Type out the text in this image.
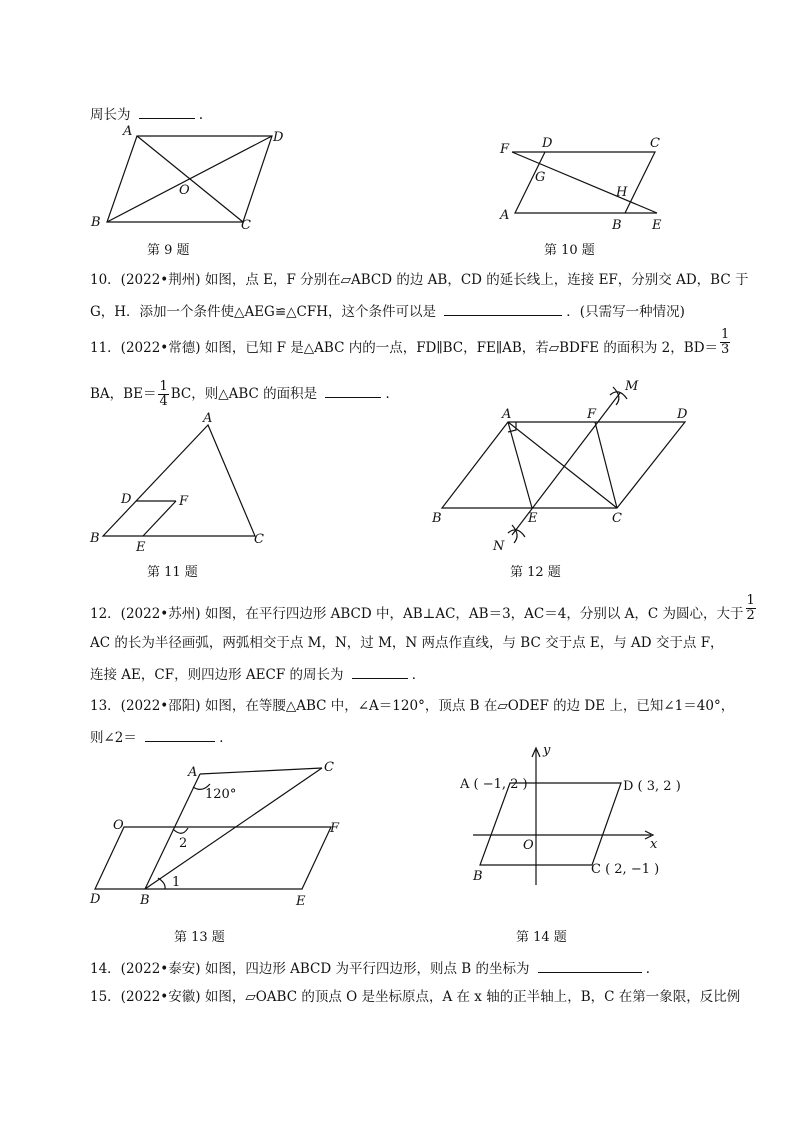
周长为	.
A	D
B	C
O
第 9 题
F	D	C
G
H
A
B E
第 10 题
10．(2022•荆州) 如图，点 E，F 分别在▱ABCD 的边 AB，CD 的延长线上，连接 EF，分别交 AD，BC 于
G，H．添加一个条件使△AEG≌△CFH，这个条件可以是	．(只需写一种情况)
11．(2022•常德) 如图，已知 F 是△ABC 内的一点，FD∥BC，FE∥AB，若▱BDFE 的面积为 2，$BD= \frac{1}{3}$
BA，$BE= \frac{1}{4}$ BC，则△ABC 的面积是	．
A
B	C
D	F
E
第 11 题
M
A	F	D
B	E	C
N
第 12 题
12．(2022•苏州) 如图，在平行四边形 ABCD 中，AB⊥AC，AB＝3，AC＝4，分别以 A，C 为圆心，大于 $\frac{1}{2}$
AC 的长为半径画弧，两弧相交于点 M，N，过 M，N 两点作直线，与 BC 交于点 E，与 AD 交于点 F，
连接 AE，CF，则四边形 AECF 的周长为	．
13．(2022•邵阳) 如图，在等腰△ABC 中，∠A＝120°，顶点 B 在▱ODEF 的边 DE 上，已知∠1＝40°，
则∠2＝	．
A	C
120°
O	F
2
1
D	B	E
第 13 题
A ( −1, 2 )	D ( 3, 2 )
y
x
O
B	C ( 2, −1 )
第 14 题
14．(2022•泰安) 如图，四边形 ABCD 为平行四边形，则点 B 的坐标为	．
15．(2022•安徽) 如图，▱OABC 的顶点 O 是坐标原点，A 在 x 轴的正半轴上，B，C 在第一象限，反比例
